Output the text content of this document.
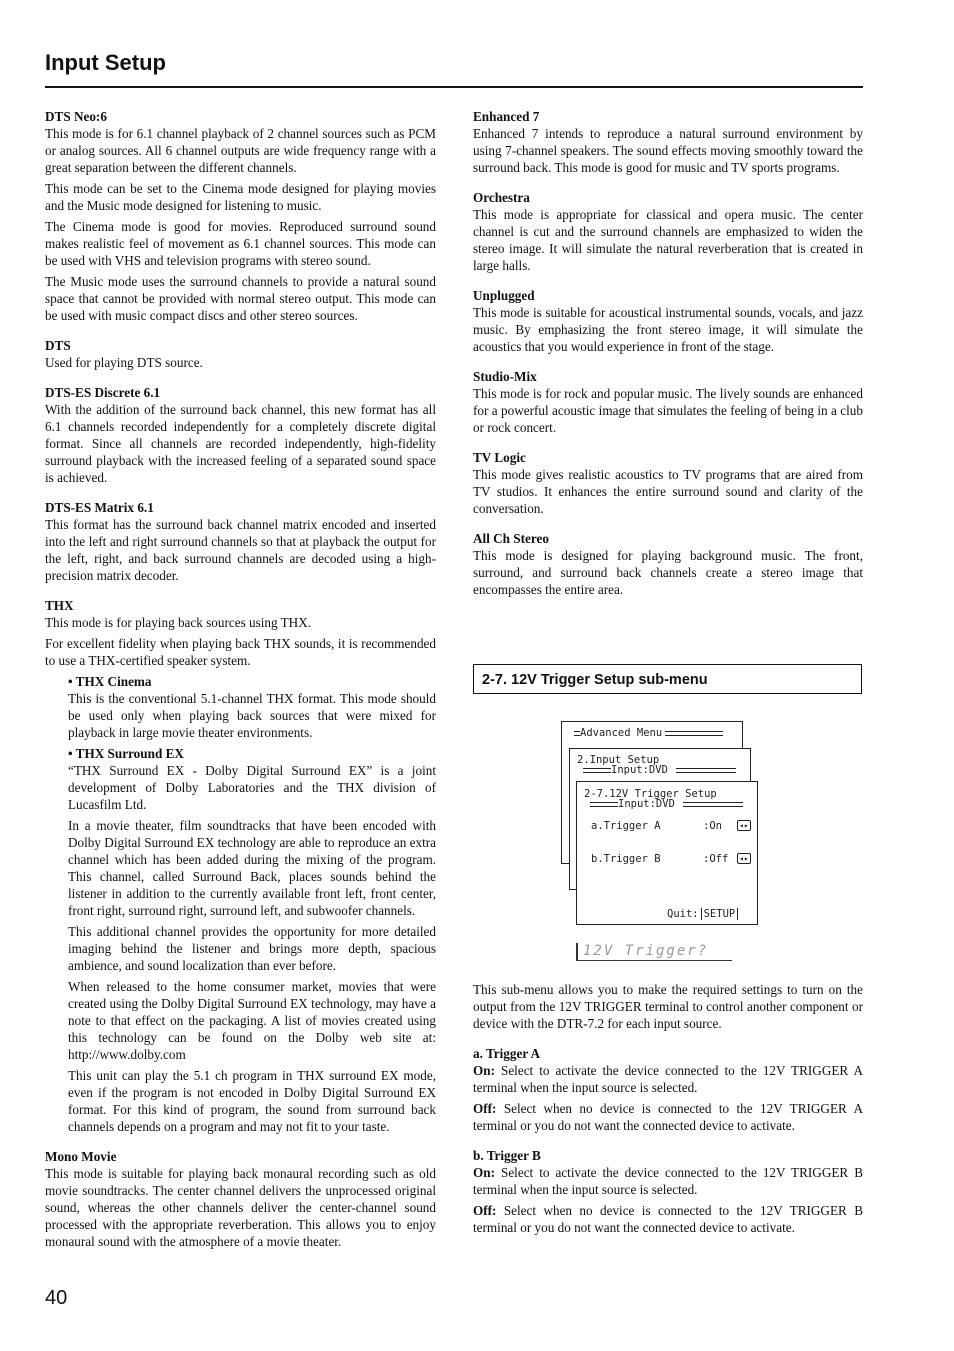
Input Setup

DTS Neo:6

This mode is for 6.1 channel playback of 2 channel sources such as PCM or analog sources. All 6 channel outputs are wide frequency range with a great separation between the different channels.

This mode can be set to the Cinema mode designed for playing movies and the Music mode designed for listening to music.

The Cinema mode is good for movies. Reproduced surround sound makes realistic feel of movement as 6.1 channel sources. This mode can be used with VHS and television programs with stereo sound.

The Music mode uses the surround channels to provide a natural sound space that cannot be provided with normal stereo output. This mode can be used with music compact discs and other stereo sources.

DTS

Used for playing DTS source.

DTS-ES Discrete 6.1

With the addition of the surround back channel, this new format has all 6.1 channels recorded independently for a completely discrete digital format. Since all channels are recorded independently, high-fidelity surround playback with the increased feeling of a separated sound space is achieved.

DTS-ES Matrix 6.1

This format has the surround back channel matrix encoded and inserted into the left and right surround channels so that at playback the output for the left, right, and back surround channels are decoded using a high-precision matrix decoder.

THX

This mode is for playing back sources using THX.

For excellent fidelity when playing back THX sounds, it is recommended to use a THX-certified speaker system.

• THX Cinema

This is the conventional 5.1-channel THX format. This mode should be used only when playing back sources that were mixed for playback in large movie theater environments.

• THX Surround EX

“THX Surround EX - Dolby Digital Surround EX” is a joint development of Dolby Laboratories and the THX division of Lucasfilm Ltd.

In a movie theater, film soundtracks that have been encoded with Dolby Digital Surround EX technology are able to reproduce an extra channel which has been added during the mixing of the program. This channel, called Surround Back, places sounds behind the listener in addition to the currently available front left, front center, front right, surround right, surround left, and subwoofer channels.

This additional channel provides the opportunity for more detailed imaging behind the listener and brings more depth, spacious ambience, and sound localization than ever before.

When released to the home consumer market, movies that were created using the Dolby Digital Surround EX technology, may have a note to that effect on the packaging. A list of movies created using this technology can be found on the Dolby web site at: http://www.dolby.com

This unit can play the 5.1 ch program in THX surround EX mode, even if the program is not encoded in Dolby Digital Surround EX format. For this kind of program, the sound from surround back channels depends on a program and may not fit to your taste.

Mono Movie

This mode is suitable for playing back monaural recording such as old movie soundtracks. The center channel delivers the unprocessed original sound, whereas the other channels deliver the center-channel sound processed with the appropriate reverberation. This allows you to enjoy monaural sound with the atmosphere of a movie theater.

Enhanced 7

Enhanced 7 intends to reproduce a natural surround environment by using 7-channel speakers. The sound effects moving smoothly toward the surround back. This mode is good for music and TV sports programs.

Orchestra

This mode is appropriate for classical and opera music. The center channel is cut and the surround channels are emphasized to widen the stereo image. It will simulate the natural reverberation that is created in large halls.

Unplugged

This mode is suitable for acoustical instrumental sounds, vocals, and jazz music. By emphasizing the front stereo image, it will simulate the acoustics that you would experience in front of the stage.

Studio-Mix

This mode is for rock and popular music. The lively sounds are enhanced for a powerful acoustic image that simulates the feeling of being in a club or rock concert.

TV Logic

This mode gives realistic acoustics to TV programs that are aired from TV studios. It enhances the entire surround sound and clarity of the conversation.

All Ch Stereo

This mode is designed for playing background music. The front, surround, and surround back channels create a stereo image that encompasses the entire area.

2-7. 12V Trigger Setup sub-menu
Advanced Menu
2.Input Setup
Input:DVD
2-7.12V Trigger Setup
Input:DVD
a.Trigger A	:On ◂▸
b.Trigger B	:Off ◂▸
Quit: SETUP
12V Trigger?

This sub-menu allows you to make the required settings to turn on the output from the 12V TRIGGER terminal to control another component or device with the DTR-7.2 for each input source.

a. Trigger A

On: Select to activate the device connected to the 12V TRIGGER A terminal when the input source is selected.

Off: Select when no device is connected to the 12V TRIGGER A terminal or you do not want the connected device to activate.

b. Trigger B

On: Select to activate the device connected to the 12V TRIGGER B terminal when the input source is selected.

Off: Select when no device is connected to the 12V TRIGGER B terminal or you do not want the connected device to activate.

40
